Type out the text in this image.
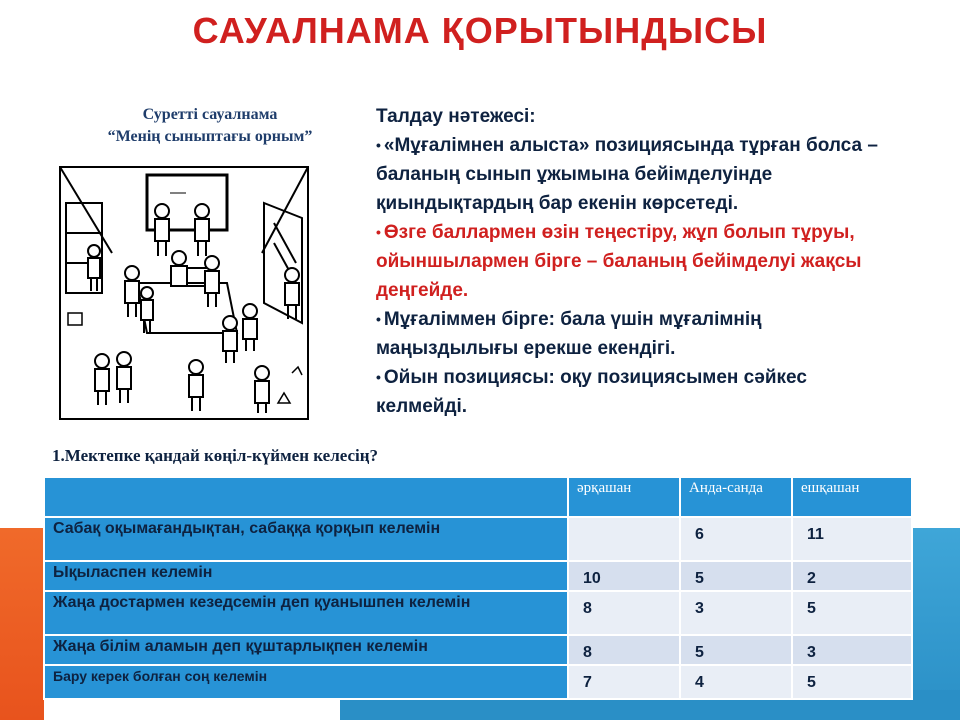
САУАЛНАМА ҚОРЫТЫНДЫСЫ
Суретті сауалнама
“Менің сыныптағы орным”

Талдау нәтежесі:

• «Мұғалімнен алыста» позициясында тұрған болса – баланың сынып ұжымына бейімделуінде қиындықтардың бар екенін көрсетеді.

• Өзге баллармен өзін теңестіру, жұп болып тұруы, ойыншылармен бірге – баланың бейімделуі жақсы деңгейде.

• Мұғаліммен бірге: бала үшін мұғалімнің маңыздылығы ерекше екендігі.

• Ойын позициясы: оқу позициясымен сәйкес келмейді.

1.Мектепке қандай көңіл-күймен келесің?
	әрқашан	Анда-санда	ешқашан
Сабақ оқымағандықтан, сабаққа қорқып келемін		6	11
Ықыласпен келемін	10	5	2
Жаңа достармен кезедсемін деп қуанышпен келемін	8	3	5
Жаңа білім аламын деп құштарлықпен келемін	8	5	3
Бару керек болған соң келемін	7	4	5
